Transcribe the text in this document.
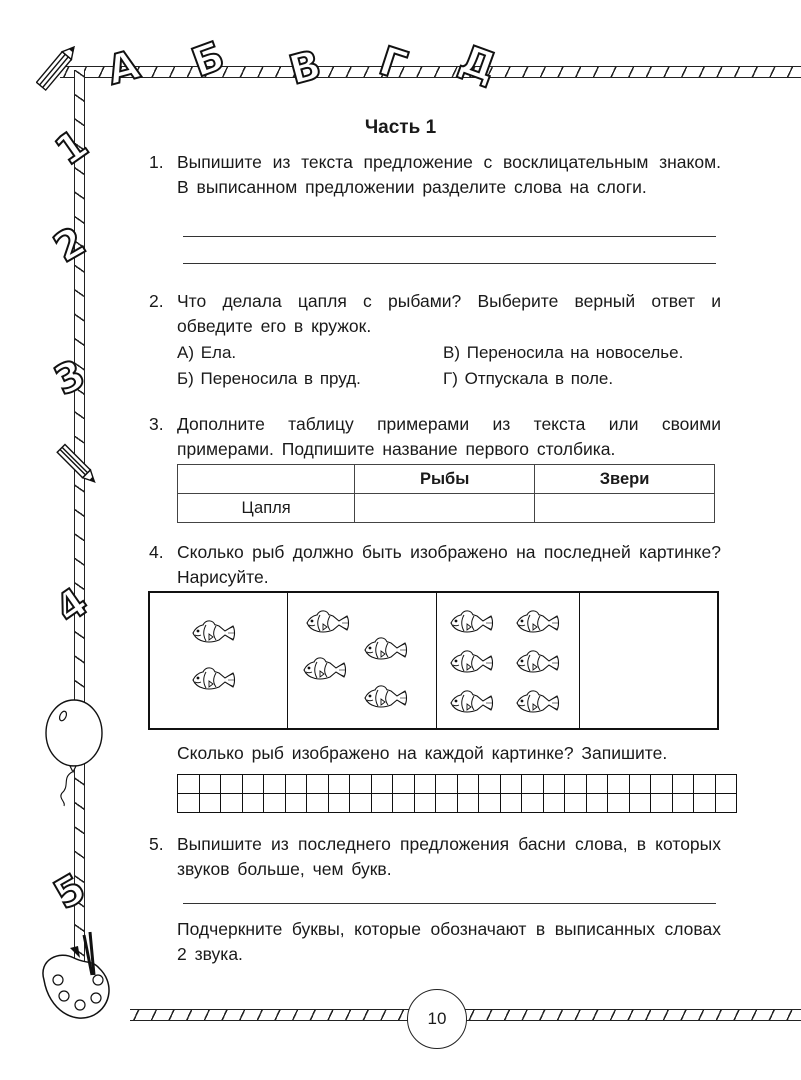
А Б В Г Д
1
2
3
4
5
10
Часть 1
1. Выпишите из текста предложение с восклицательным знаком. В выписанном предложении разделите слова на слоги.
2. Что делала цапля с рыбами? Выберите верный ответ и обведите его в кружок.
А) Ела.	В) Переносила на новоселье.
Б) Переносила в пруд.	Г) Отпускала в поле.
3. Дополните таблицу примерами из текста или своими примерами. Подпишите название первого столбика.
	Рыбы	Звери
Цапля		
4. Сколько рыб должно быть изображено на последней картинке? Нарисуйте.
Сколько рыб изображено на каждой картинке? Запишите.

5. Выпишите из последнего предложения басни слова, в которых звуков больше, чем букв.
Подчеркните буквы, которые обозначают в выписанных словах 2 звука.
